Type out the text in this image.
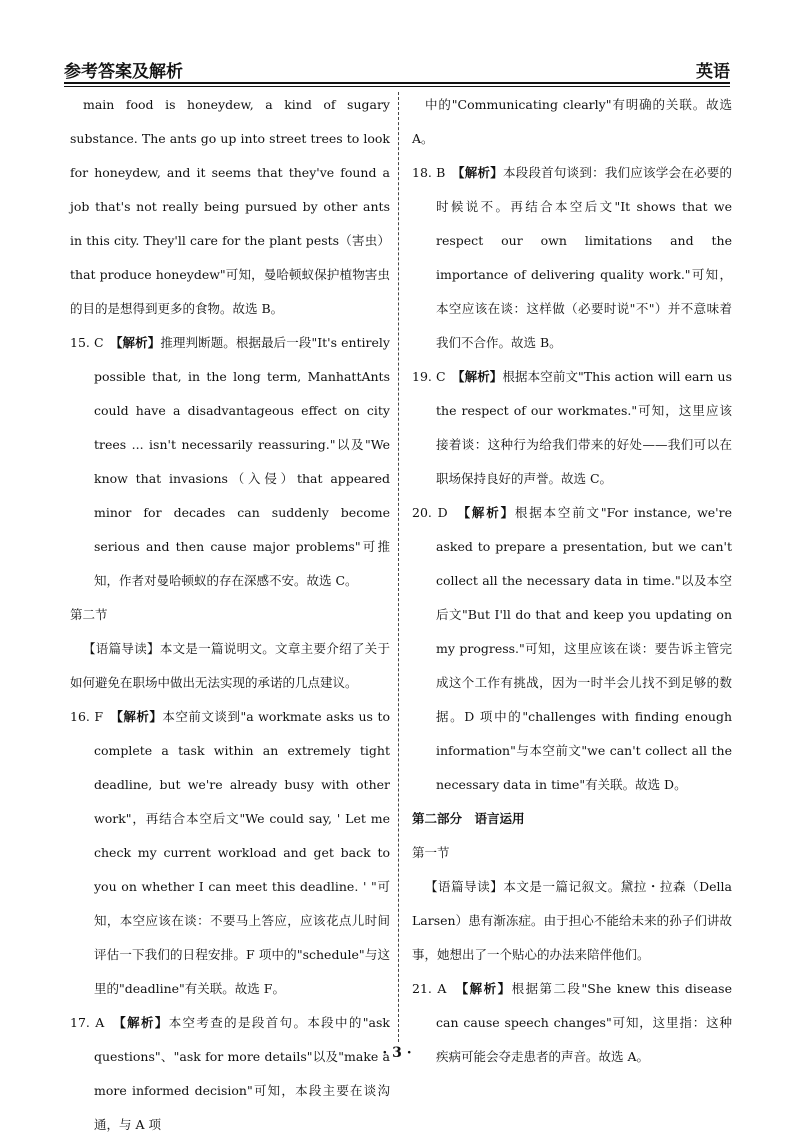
参考答案及解析	英语

main food is honeydew, a kind of sugary substance. The ants go up into street trees to look for honeydew, and it seems that they've found a job that's not really being pursued by other ants in this city. They'll care for the plant pests（害虫）that produce honeydew"可知，曼哈顿蚁保护植物害虫的目的是想得到更多的食物。故选 B。

15. C　 【解析】推理判断题。根据最后一段"It's entirely possible that, in the long term, ManhattAnts could have a disadvantageous effect on city trees ... isn't necessarily reassuring."以及"We know that invasions（入侵）that appeared minor for decades can suddenly become serious and then cause major problems"可推知，作者对曼哈顿蚁的存在深感不安。故选 C。

第二节

【语篇导读】本文是一篇说明文。文章主要介绍了关于如何避免在职场中做出无法实现的承诺的几点建议。

16. F　 【解析】本空前文谈到"a workmate asks us to complete a task within an extremely tight deadline, but we're already busy with other work"，再结合本空后文"We could say, ' Let me check my current workload and get back to you on whether I can meet this deadline. ' "可知，本空应该在谈：不要马上答应，应该花点儿时间评估一下我们的日程安排。F 项中的"schedule"与这里的"deadline"有关联。故选 F。

17. A　 【解析】本空考查的是段首句。本段中的"ask questions"、"ask for more details"以及"make a more informed decision"可知，本段主要在谈沟通，与 A 项

中的"Communicating clearly"有明确的关联。故选 A。

18. B　 【解析】本段段首句谈到：我们应该学会在必要的时候说不。再结合本空后文"It shows that we respect our own limitations and the importance of delivering quality work."可知，本空应该在谈：这样做（必要时说"不"）并不意味着我们不合作。故选 B。

19. C　 【解析】根据本空前文"This action will earn us the respect of our workmates."可知，这里应该接着谈：这种行为给我们带来的好处——我们可以在职场保持良好的声誉。故选 C。

20. D　 【解析】根据本空前文"For instance, we're asked to prepare a presentation, but we can't collect all the necessary data in time."以及本空后文"But I'll do that and keep you updating on my progress."可知，这里应该在谈：要告诉主管完成这个工作有挑战，因为一时半会儿找不到足够的数据。D 项中的"challenges with finding enough information"与本空前文"we can't collect all the necessary data in time"有关联。故选 D。

第二部分　语言运用

第一节

【语篇导读】本文是一篇记叙文。黛拉・拉森（Della Larsen）患有渐冻症。由于担心不能给未来的孙子们讲故事，她想出了一个贴心的办法来陪伴他们。

21. A　 【解析】根据第二段"She knew this disease can cause speech changes"可知，这里指：这种疾病可能会夺走患者的声音。故选 A。

· 3 ·
